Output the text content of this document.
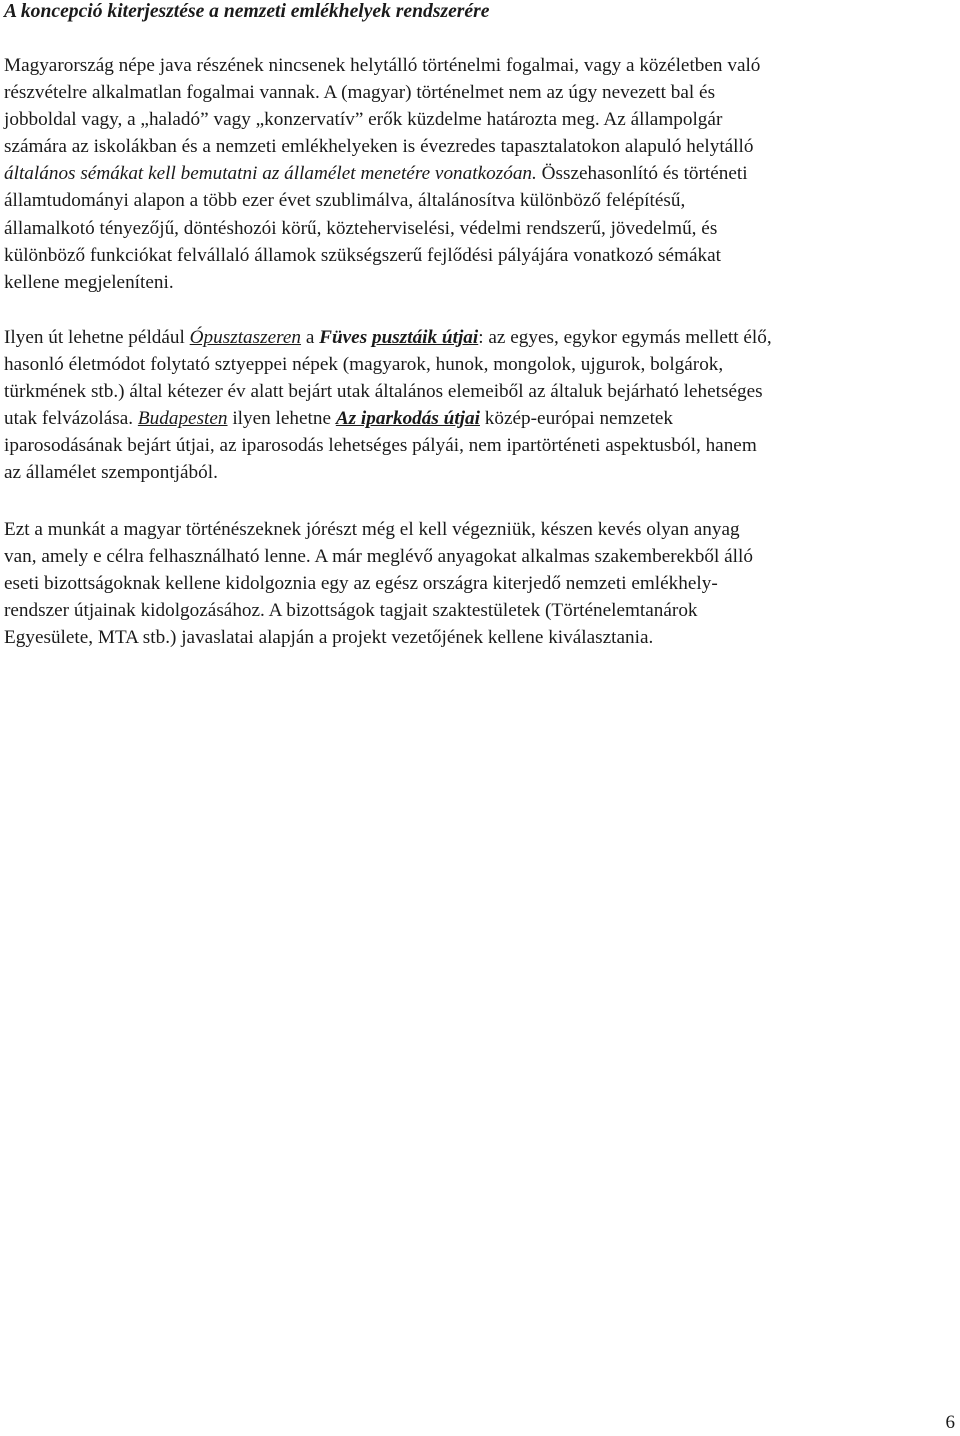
A koncepció kiterjesztése a nemzeti emlékhelyek rendszerére
Magyarország népe java részének nincsenek helytálló történelmi fogalmai, vagy a közéletben való
részvételre alkalmatlan fogalmai vannak. A (magyar) történelmet nem az úgy nevezett bal és
jobboldal vagy, a „haladó” vagy „konzervatív” erők küzdelme határozta meg. Az állampolgár
számára az iskolákban és a nemzeti emlékhelyeken is évezredes tapasztalatokon alapuló helytálló
általános sémákat kell bemutatni az államélet menetére vonatkozóan. Összehasonlító és történeti
államtudományi alapon a több ezer évet szublimálva, általánosítva különböző felépítésű,
államalkotó tényezőjű, döntéshozói körű, közteherviselési, védelmi rendszerű, jövedelmű, és
különböző funkciókat felvállaló államok szükségszerű fejlődési pályájára vonatkozó sémákat
kellene megjeleníteni.
Ilyen út lehetne például Ópusztaszeren a Füves pusztáik útjai: az egyes, egykor egymás mellett élő,
hasonló életmódot folytató sztyeppei népek (magyarok, hunok, mongolok, ujgurok, bolgárok,
türkmének stb.) által kétezer év alatt bejárt utak általános elemeiből az általuk bejárható lehetséges
utak felvázolása. Budapesten ilyen lehetne Az iparkodás útjai közép-európai nemzetek
iparosodásának bejárt útjai, az iparosodás lehetséges pályái, nem ipartörténeti aspektusból, hanem
az államélet szempontjából.
Ezt a munkát a magyar történészeknek jórészt még el kell végezniük, készen kevés olyan anyag
van, amely e célra felhasználható lenne. A már meglévő anyagokat alkalmas szakemberekből álló
eseti bizottságoknak kellene kidolgoznia egy az egész országra kiterjedő nemzeti emlékhely-
rendszer útjainak kidolgozásához. A bizottságok tagjait szaktestületek (Történelemtanárok
Egyesülete, MTA stb.) javaslatai alapján a projekt vezetőjének kellene kiválasztania.
6
